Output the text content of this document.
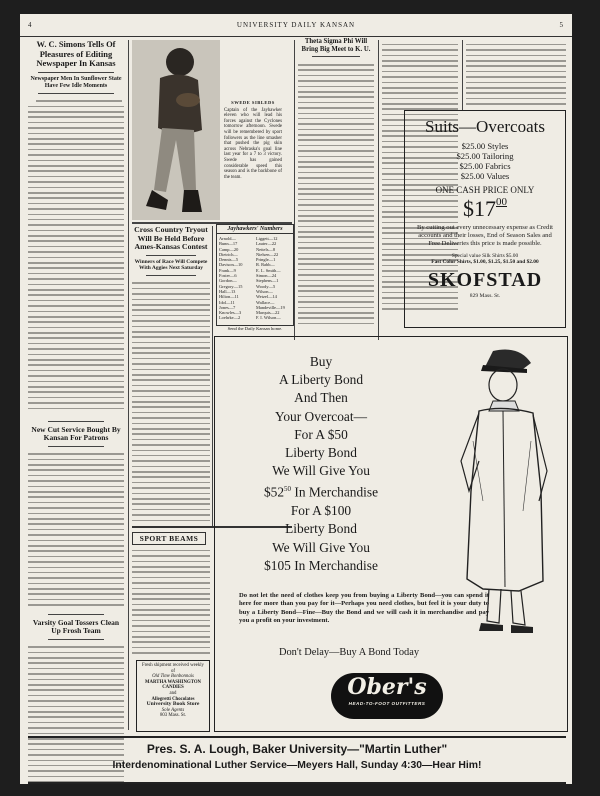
4	UNIVERSITY DAILY KANSAN	5
W. C. Simons Tells Of Pleasures of Editing Newspaper In Kansas
Newspaper Men In Sunflower State Have Few Idle Moments
New Cut Service Bought By Kansan For Patrons
Varsity Goal Tossers Clean Up Frosh Team
SWEDE SIBLEDS
Captain of the Jayhawker eleven who will lead his forces against the Cyclones tomorrow afternoon. Swede will be remembered by sport followers as the line smasher that pushed the pig skin across Nebraska's goal line last year for a 7 to 3 victory. Swede has gained considerable speed this season and is the backbone of the team.
Cross Country Tryout Will Be Held Before Ames-Kansas Contest
Winners of Race Will Compete With Aggies Next Saturday
Jayhawkers' Numbers
Arnold—
Bunn—17
Camp—20
Dietrich—
Dennis—5
Davison—10
Frank—9
Foster—6
Gordon—
Gregory—15
Hall—13
Hilton—11
Idol—11
Jones—7
Knowles—3
Loehrke—2
Liggett—12
Lauter—22
Nettels—8
Nielsen—22
Pringle—1
R. Rabb—
E. L. Smith—
Simon—24
Stephens—1
Woody—5
Wilson—
Wetzel—14
Wallace—
Mandeville—19
Marquis—22
F. I. Wilson—
Send the Daily Kansan home.
Theta Sigma Phi Will Bring Big Meet to K. U.
Suits—Overcoats
$25.00 Styles
$25.00 Tailoring
$25.00 Fabrics
$25.00 Values
ONE CASH PRICE ONLY
$\$17^{00}$
By cutting out every unnecessary expense as Credit accounts and their losses, End of Season Sales and Free Deliveries this price is made possible.
Special value Silk Shirts $5.00
Fast Color Shirts, $1.00, $1.25, $1.50 and $2.00
SKOFSTAD
829 Mass. St.
SPORT BEAMS
Fresh shipment received weekly
of
Old Time Bonbonnais
MARTHA WASHINGTON
CANDIES
and
Allegretti Chocolates
University Book Store
Sole Agents
803 Mass. St.
Buy
A Liberty Bond
And Then
Your Overcoat—
For A $50
Liberty Bond
We Will Give You
$\$52^{50}$ In Merchandise
For A $100
Liberty Bond
We Will Give You
$105 In Merchandise
Do not let the need of clothes keep you from buying a Liberty Bond—you can spend it here for more than you pay for it—Perhaps you need clothes, but feel it is your duty to buy a Liberty Bond—Fine—Buy the Bond and we will cash it in merchandise and pay you a profit on your investment.
Don't Delay—Buy A Bond Today
Ober's
HEAD-TO-FOOT OUTFITTERS
Pres. S. A. Lough, Baker University—"Martin Luther"
Interdenominational Luther Service—Meyers Hall, Sunday 4:30—Hear Him!
